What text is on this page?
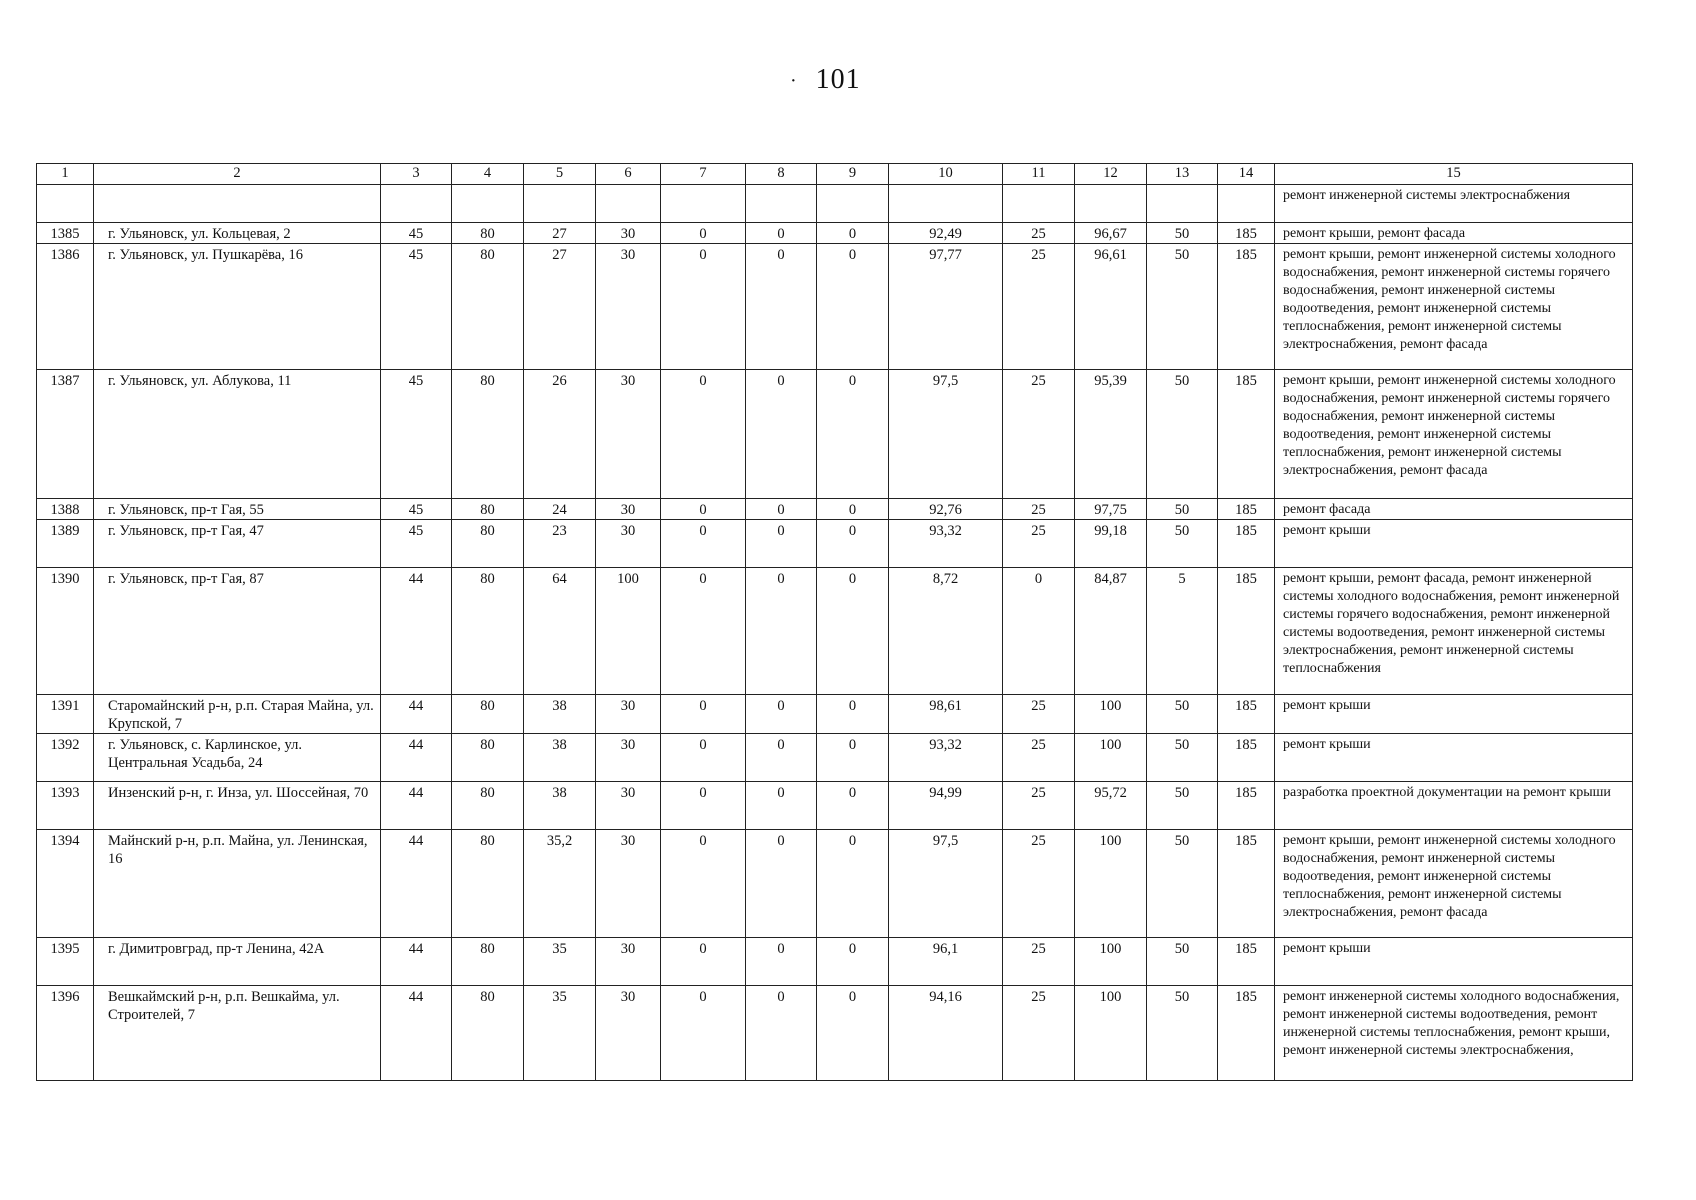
· 101
1	2	3	4	5	6	7	8	9	10	11	12	13	14	15
														ремонт инженерной системы электроснабжения
1385	г. Ульяновск, ул. Кольцевая, 2	45	80	27	30	0	0	0	92,49	25	96,67	50	185	ремонт крыши, ремонт фасада
1386	г. Ульяновск, ул. Пушкарёва, 16	45	80	27	30	0	0	0	97,77	25	96,61	50	185	ремонт крыши, ремонт инженерной системы холодного водоснабжения, ремонт инженерной системы горячего водоснабжения, ремонт инженерной системы водоотведения, ремонт инженерной системы теплоснабжения, ремонт инженерной системы электроснабжения, ремонт фасада
1387	г. Ульяновск, ул. Аблукова, 11	45	80	26	30	0	0	0	97,5	25	95,39	50	185	ремонт крыши, ремонт инженерной системы холодного водоснабжения, ремонт инженерной системы горячего водоснабжения, ремонт инженерной системы водоотведения, ремонт инженерной системы теплоснабжения, ремонт инженерной системы электроснабжения, ремонт фасада
1388	г. Ульяновск, пр-т Гая, 55	45	80	24	30	0	0	0	92,76	25	97,75	50	185	ремонт фасада
1389	г. Ульяновск, пр-т Гая, 47	45	80	23	30	0	0	0	93,32	25	99,18	50	185	ремонт крыши
1390	г. Ульяновск, пр-т Гая, 87	44	80	64	100	0	0	0	8,72	0	84,87	5	185	ремонт крыши, ремонт фасада, ремонт инженерной системы холодного водоснабжения, ремонт инженерной системы горячего водоснабжения, ремонт инженерной системы водоотведения, ремонт инженерной системы электроснабжения, ремонт инженерной системы теплоснабжения
1391	Старомайнский р-н, р.п. Старая Майна, ул. Крупской, 7	44	80	38	30	0	0	0	98,61	25	100	50	185	ремонт крыши
1392	г. Ульяновск, с. Карлинское, ул. Центральная Усадьба, 24	44	80	38	30	0	0	0	93,32	25	100	50	185	ремонт крыши
1393	Инзенский р-н, г. Инза, ул. Шоссейная, 70	44	80	38	30	0	0	0	94,99	25	95,72	50	185	разработка проектной документации на ремонт крыши
1394	Майнский р-н, р.п. Майна, ул. Ленинская, 16	44	80	35,2	30	0	0	0	97,5	25	100	50	185	ремонт крыши, ремонт инженерной системы холодного водоснабжения, ремонт инженерной системы водоотведения, ремонт инженерной системы теплоснабжения, ремонт инженерной системы электроснабжения, ремонт фасада
1395	г. Димитровград, пр-т Ленина, 42А	44	80	35	30	0	0	0	96,1	25	100	50	185	ремонт крыши
1396	Вешкаймский р-н, р.п. Вешкайма, ул. Строителей, 7	44	80	35	30	0	0	0	94,16	25	100	50	185	ремонт инженерной системы холодного водоснабжения, ремонт инженерной системы водоотведения, ремонт инженерной системы теплоснабжения, ремонт крыши, ремонт инженерной системы электроснабжения,
